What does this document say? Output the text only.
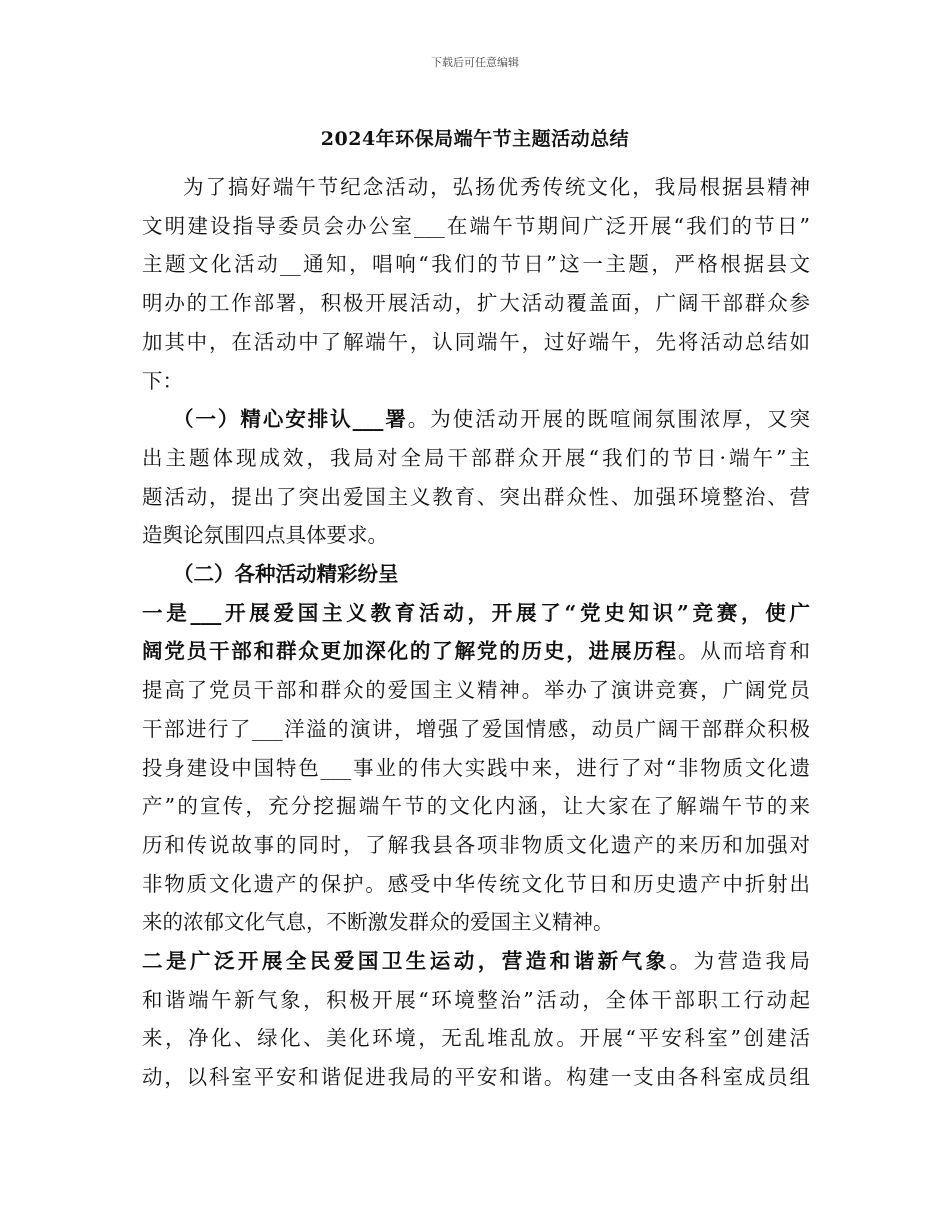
下载后可任意编辑
2024年环保局端午节主题活动总结
为了搞好端午节纪念活动，弘扬优秀传统文化，我局根据县精神
文明建设指导委员会办公室___在端午节期间广泛开展“我们的节日”
主题文化活动__通知，唱响“我们的节日”这一主题，严格根据县文
明办的工作部署，积极开展活动，扩大活动覆盖面，广阔干部群众参
加其中，在活动中了解端午，认同端午，过好端午，先将活动总结如
下：
（一）精心安排认___署。为使活动开展的既喧闹氛围浓厚，又突
出主题体现成效，我局对全局干部群众开展“我们的节日·端午”主
题活动，提出了突出爱国主义教育、突出群众性、加强环境整治、营
造舆论氛围四点具体要求。
（二）各种活动精彩纷呈
一是___开展爱国主义教育活动，开展了“党史知识”竞赛，使广
阔党员干部和群众更加深化的了解党的历史，进展历程。从而培育和
提高了党员干部和群众的爱国主义精神。举办了演讲竞赛，广阔党员
干部进行了___洋溢的演讲，增强了爱国情感，动员广阔干部群众积极
投身建设中国特色___事业的伟大实践中来，进行了对“非物质文化遗
产”的宣传，充分挖掘端午节的文化内涵，让大家在了解端午节的来
历和传说故事的同时，了解我县各项非物质文化遗产的来历和加强对
非物质文化遗产的保护。感受中华传统文化节日和历史遗产中折射出
来的浓郁文化气息，不断激发群众的爱国主义精神。
二是广泛开展全民爱国卫生运动，营造和谐新气象。为营造我局
和谐端午新气象，积极开展“环境整治”活动，全体干部职工行动起
来，净化、绿化、美化环境，无乱堆乱放。开展“平安科室”创建活
动，以科室平安和谐促进我局的平安和谐。构建一支由各科室成员组
